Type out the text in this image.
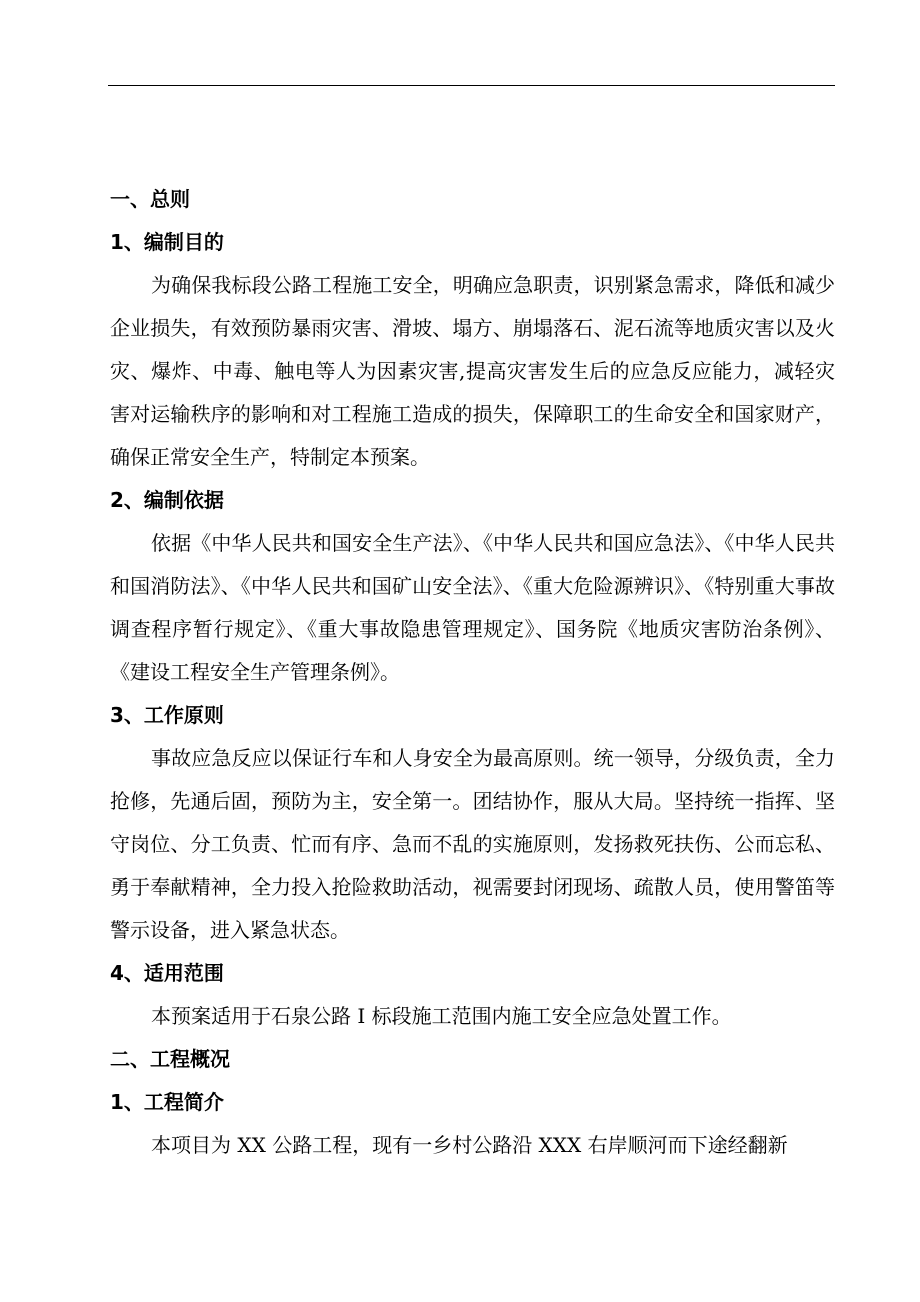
一、总则
1、编制目的

为确保我标段公路工程施工安全，明确应急职责，识别紧急需求，降低和减少企业损失，有效预防暴雨灾害、滑坡、塌方、崩塌落石、泥石流等地质灾害以及火灾、爆炸、中毒、触电等人为因素灾害,提高灾害发生后的应急反应能力，减轻灾害对运输秩序的影响和对工程施工造成的损失，保障职工的生命安全和国家财产，确保正常安全生产，特制定本预案。

2、编制依据

依据《中华人民共和国安全生产法》、《中华人民共和国应急法》、《中华人民共和国消防法》、《中华人民共和国矿山安全法》、《重大危险源辨识》、《特别重大事故调查程序暂行规定》、《重大事故隐患管理规定》、国务院《地质灾害防治条例》、《建设工程安全生产管理条例》。

3、工作原则

事故应急反应以保证行车和人身安全为最高原则。统一领导，分级负责，全力抢修，先通后固，预防为主，安全第一。团结协作，服从大局。坚持统一指挥、坚守岗位、分工负责、忙而有序、急而不乱的实施原则，发扬救死扶伤、公而忘私、勇于奉献精神，全力投入抢险救助活动，视需要封闭现场、疏散人员，使用警笛等警示设备，进入紧急状态。

4、适用范围

本预案适用于石泉公路 I 标段施工范围内施工安全应急处置工作。

二、工程概况
1、工程简介

本项目为 XX 公路工程，现有一乡村公路沿 XXX 右岸顺河而下途经翻新
